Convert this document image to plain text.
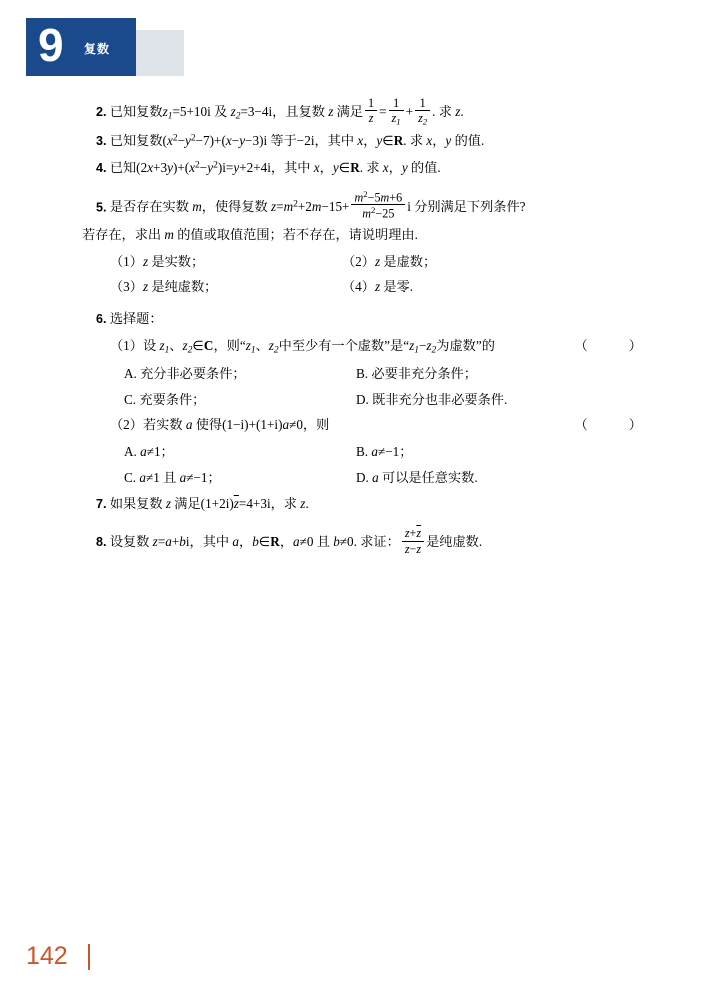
9 复数
2. 已知复数$z_1=5+10i$ 及 $z_2=3-4i$，且复数 z 满足 $\frac{1}{z} = \frac{1}{\overline{z}_1} + \frac{1}{\overline{z}_2}$ . 求 z.
3. 已知复数$(x^2-y^2-7)+(x-y-3)i$ 等于−2i，其中 x，y∈R. 求 x，y 的值.
4. 已知$(2x+3y)+(x^2-y^2)i=y+2+4i$，其中 x，y∈R. 求 x，y 的值.
5. 是否存在实数 m，使得复数 $z=m^2+2m-15+ \frac{m^2-5m+6}{m^2-25}$ i 分别满足下列条件?
若存在，求出 m 的值或取值范围；若不存在，请说明理由.
（1）z 是实数；	（2）z 是虚数；
（3）z 是纯虚数；	（4）z 是零.
6. 选择题：
（1）设 $z_1$、$z_2\in C$，则“$z_1$、$z_2$中至少有一个虚数”是“$z_1-z_2$为虚数”的	（　）
A. 充分非必要条件；	B. 必要非充分条件；
C. 充要条件；	D. 既非充分也非必要条件.
（2）若实数 a 使得(1−i)+(1+i)a≠0，则	（　）
A. a≠1；	B. a≠−1；
C. a≠1 且 a≠−1；	D. a 可以是任意实数.
7. 如果复数 z 满足$(1+2i)\overline{z}=4+3i$，求 z.
8. 设复数 z=a+bi，其中 a，b∈R，a≠0 且 b≠0. 求证： $\frac{z+\overline{z}}{z-\overline{z}}$ 是纯虚数.
142
